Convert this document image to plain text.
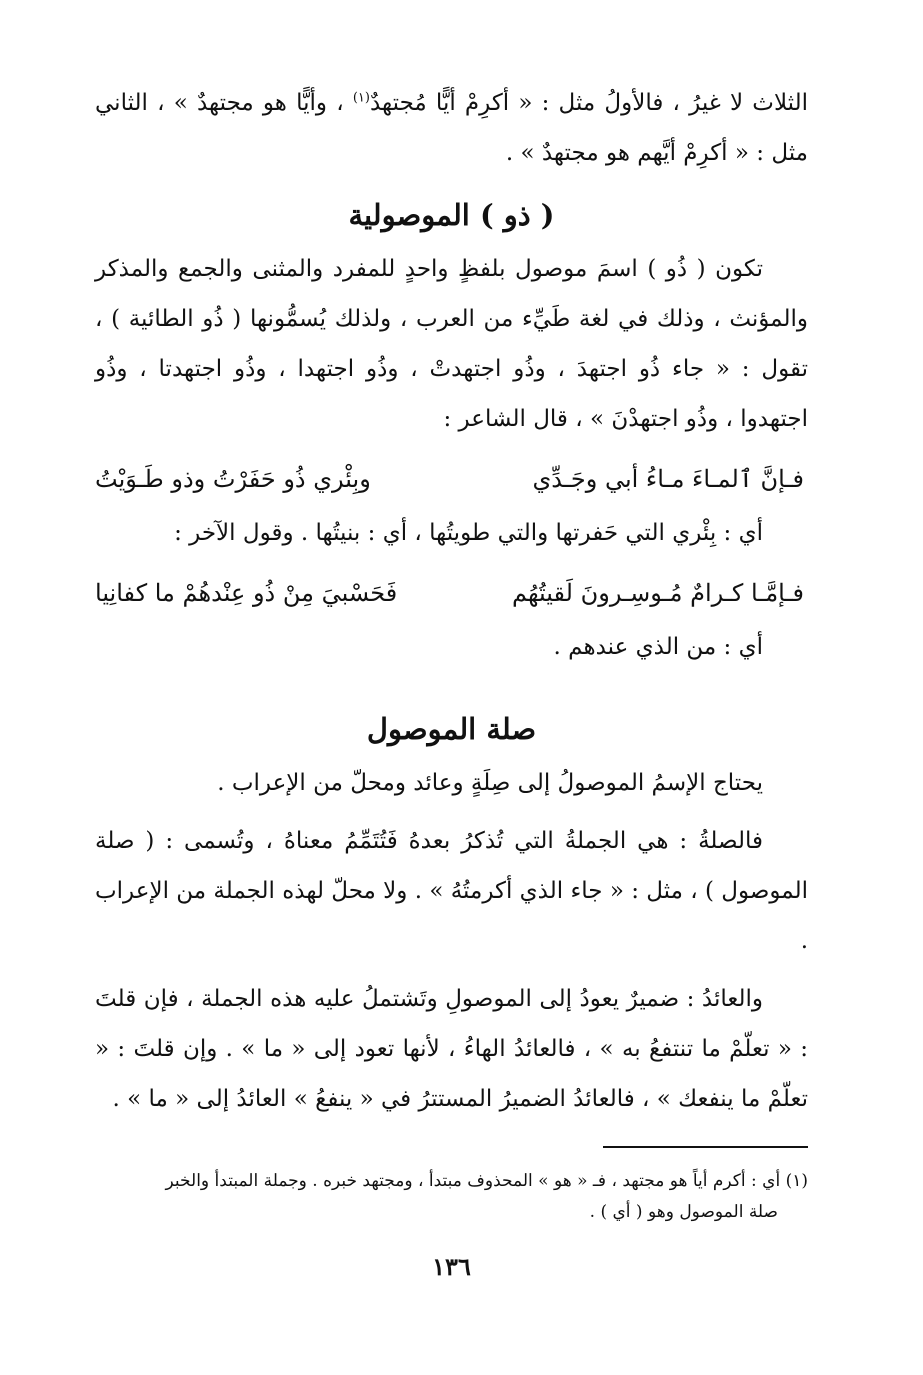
الثلاث لا غيرُ ، فالأولُ مثل : « أكرِمْ أيًّا مُجتهدٌ$^{(١)}$ ، وأيًّا هو مجتهدٌ » ، الثاني مثل : « أكرِمْ أيَّهم هو مجتهدٌ » .

( ذو ) الموصولية

تكون ( ذُو ) اسمَ موصول بلفظٍ واحدٍ للمفرد والمثنى والجمع والمذكر والمؤنث ، وذلك في لغة طَيِّء من العرب ، ولذلك يُسمُّونها ( ذُو الطائية ) ، تقول : « جاء ذُو اجتهدَ ، وذُو اجتهدتْ ، وذُو اجتهدا ، وذُو اجتهدتا ، وذُو اجتهدوا ، وذُو اجتهدْنَ » ، قال الشاعر :

فـإنَّ ٱلمـاءَ مـاءُ أبي وجَـدِّي
وبِئْري ذُو حَفَرْتُ وذو طَـوَيْتُ

أي : بِئْري التي حَفرتها والتي طويتُها ، أي : بنيتُها . وقول الآخر :

فـإمَّـا كـرامٌ مُـوسِـرونَ لَقيتُهُم
فَحَسْبيَ مِنْ ذُو عِنْدهُمْ ما كفانِيا

أي : من الذي عندهم .

صلة الموصول

يحتاج الإسمُ الموصولُ إلى صِلَةٍ وعائد ومحلّ من الإعراب .

فالصلةُ : هي الجملةُ التي تُذكرُ بعدهُ فَتُتَمِّمُ معناهُ ، وتُسمى : ( صلة الموصول ) ، مثل : « جاء الذي أكرمتُهُ » . ولا محلّ لهذه الجملة من الإعراب .

والعائدُ : ضميرٌ يعودُ إلى الموصولِ وتَشتملُ عليه هذه الجملة ، فإن قلتَ : « تعلّمْ ما تنتفعُ به » ، فالعائدُ الهاءُ ، لأنها تعود إلى « ما » . وإن قلتَ : « تعلّمْ ما ينفعك » ، فالعائدُ الضميرُ المستترُ في « ينفعُ » العائدُ إلى « ما » .

(١) أي : أكرم أياً هو مجتهد ، فـ « هو » المحذوف مبتدأ ، ومجتهد خبره . وجملة المبتدأ والخبر
صلة الموصول وهو ( أي ) .
١٣٦
